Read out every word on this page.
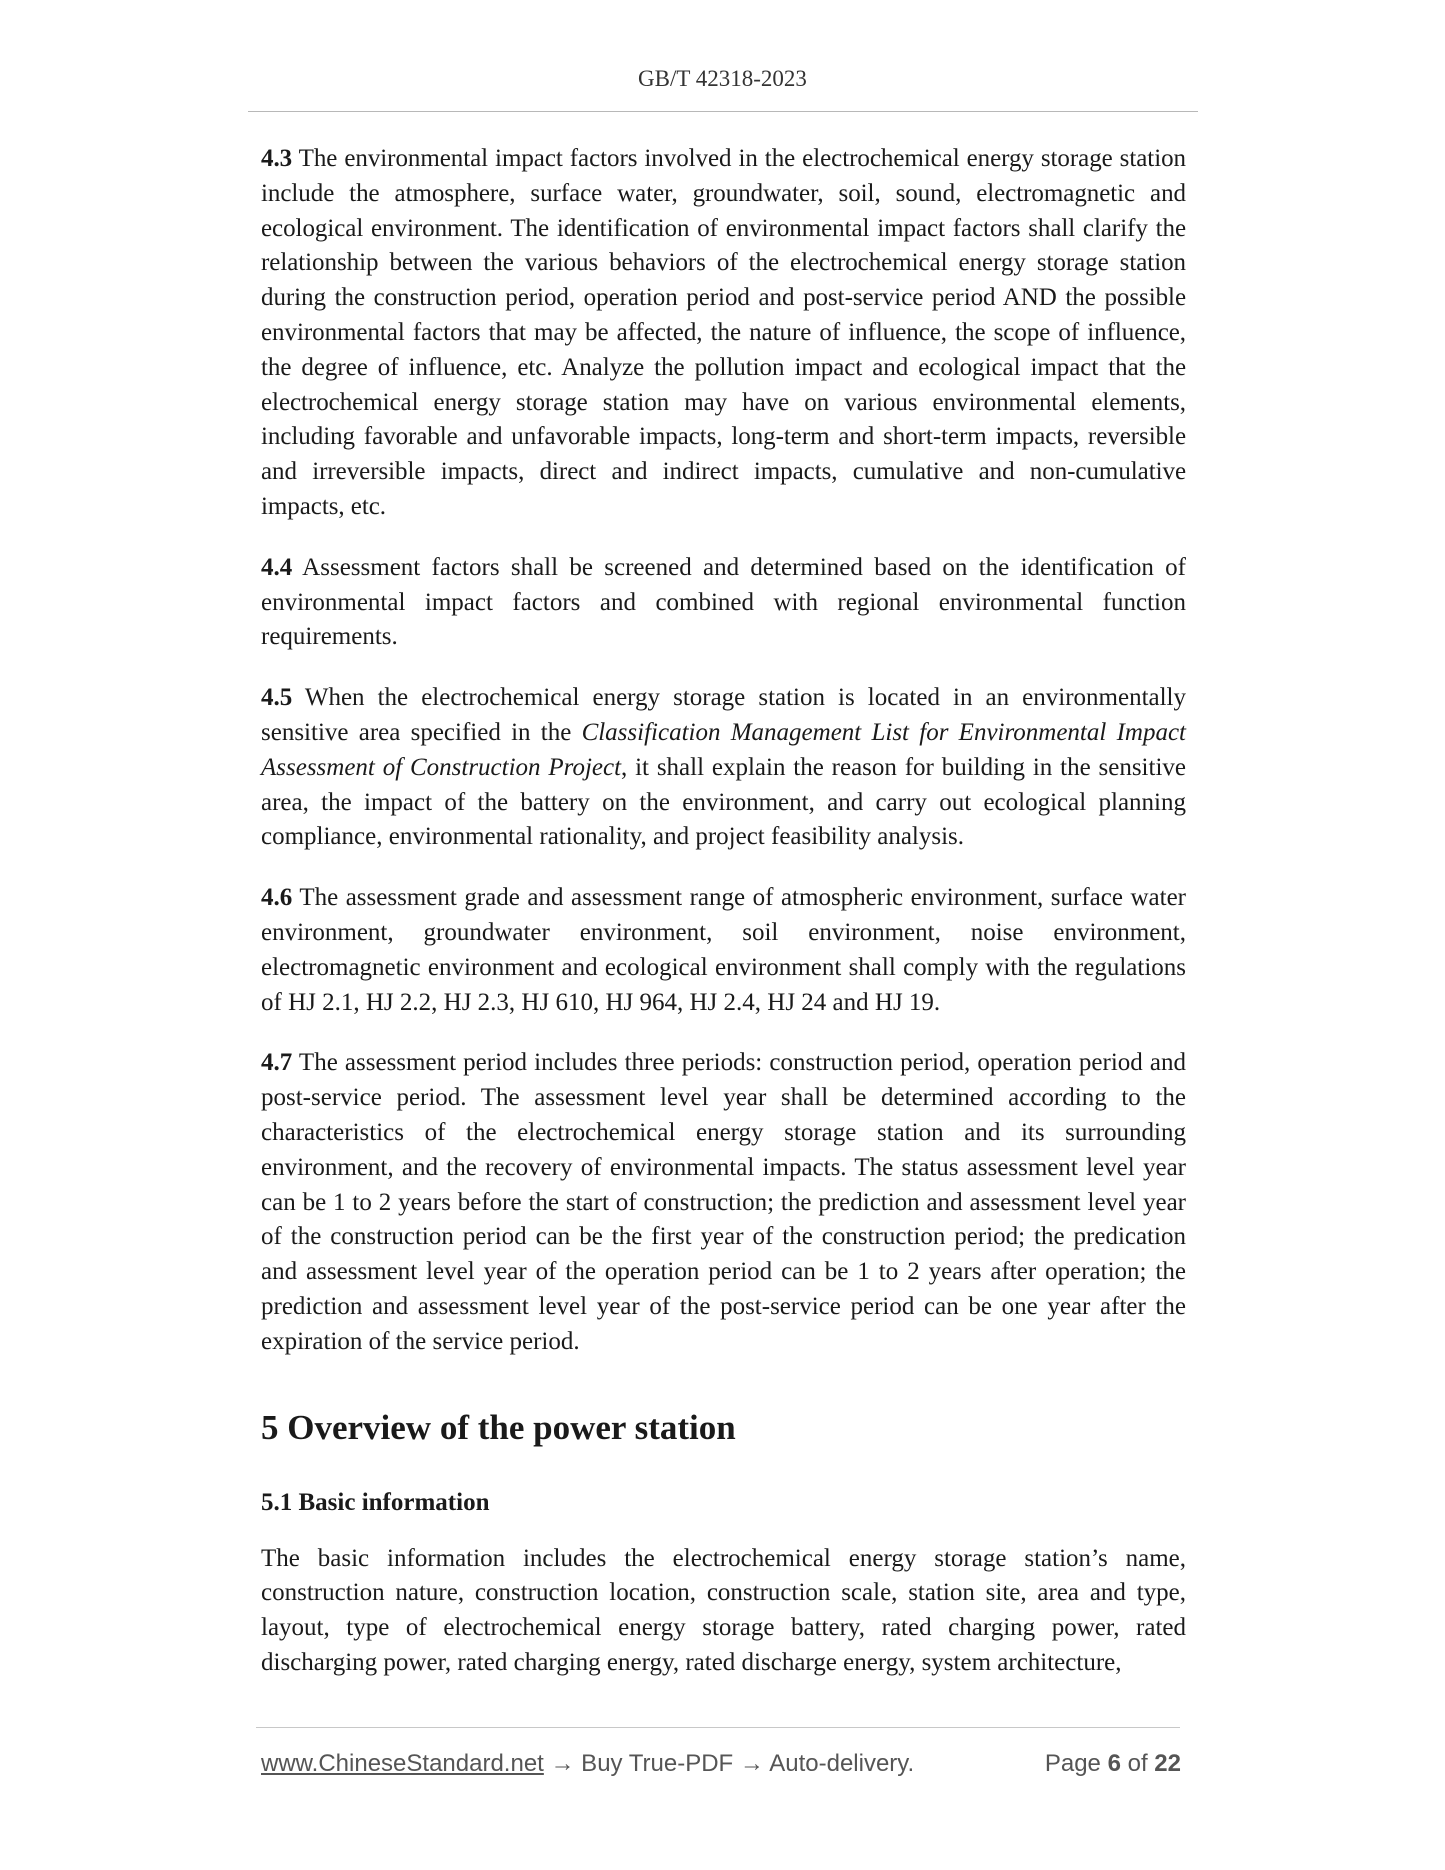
GB/T 42318-2023

4.3 The environmental impact factors involved in the electrochemical energy storage station include the atmosphere, surface water, groundwater, soil, sound, electromagnetic and ecological environment. The identification of environmental impact factors shall clarify the relationship between the various behaviors of the electrochemical energy storage station during the construction period, operation period and post-service period AND the possible environmental factors that may be affected, the nature of influence, the scope of influence, the degree of influence, etc. Analyze the pollution impact and ecological impact that the electrochemical energy storage station may have on various environmental elements, including favorable and unfavorable impacts, long-term and short-term impacts, reversible and irreversible impacts, direct and indirect impacts, cumulative and non-cumulative impacts, etc.

4.4 Assessment factors shall be screened and determined based on the identification of environmental impact factors and combined with regional environmental function requirements.

4.5 When the electrochemical energy storage station is located in an environmentally sensitive area specified in the Classification Management List for Environmental Impact Assessment of Construction Project, it shall explain the reason for building in the sensitive area, the impact of the battery on the environment, and carry out ecological planning compliance, environmental rationality, and project feasibility analysis.

4.6 The assessment grade and assessment range of atmospheric environment, surface water environment, groundwater environment, soil environment, noise environment, electromagnetic environment and ecological environment shall comply with the regulations of HJ 2.1, HJ 2.2, HJ 2.3, HJ 610, HJ 964, HJ 2.4, HJ 24 and HJ 19.

4.7 The assessment period includes three periods: construction period, operation period and post-service period. The assessment level year shall be determined according to the characteristics of the electrochemical energy storage station and its surrounding environment, and the recovery of environmental impacts. The status assessment level year can be 1 to 2 years before the start of construction; the prediction and assessment level year of the construction period can be the first year of the construction period; the predication and assessment level year of the operation period can be 1 to 2 years after operation; the prediction and assessment level year of the post-service period can be one year after the expiration of the service period.

5 Overview of the power station
5.1 Basic information

The basic information includes the electrochemical energy storage station’s name, construction nature, construction location, construction scale, station site, area and type, layout, type of electrochemical energy storage battery, rated charging power, rated discharging power, rated charging energy, rated discharge energy, system architecture,

www.ChineseStandard.net → Buy True-PDF → Auto-delivery.	Page 6 of 22
